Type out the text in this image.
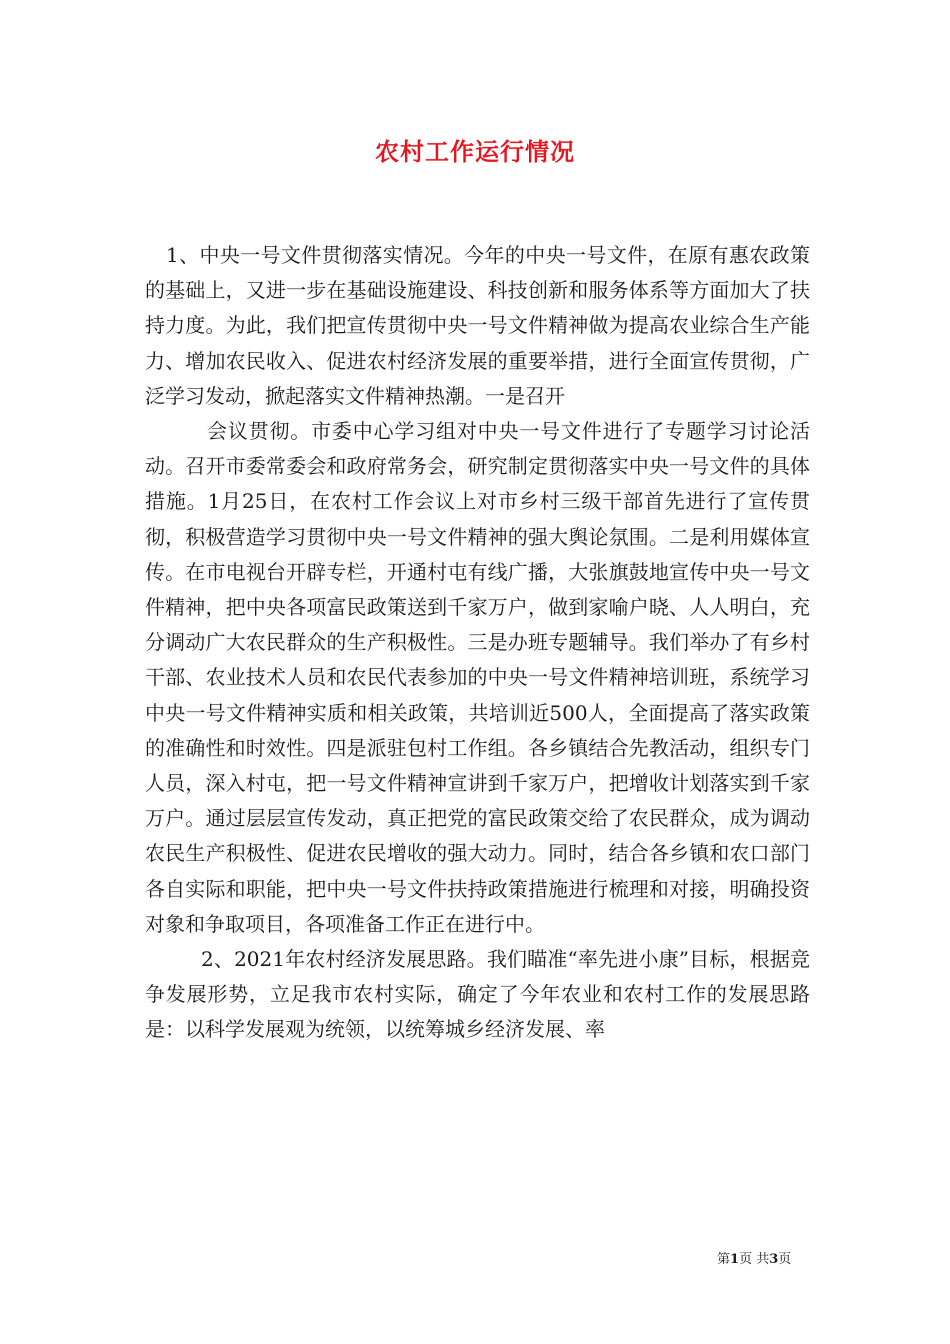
农村工作运行情况

1、中央一号文件贯彻落实情况。今年的中央一号文件，在原有惠农政策的基础上，又进一步在基础设施建设、科技创新和服务体系等方面加大了扶持力度。为此，我们把宣传贯彻中央一号文件精神做为提高农业综合生产能力、增加农民收入、促进农村经济发展的重要举措，进行全面宣传贯彻，广泛学习发动，掀起落实文件精神热潮。一是召开

会议贯彻。市委中心学习组对中央一号文件进行了专题学习讨论活动。召开市委常委会和政府常务会，研究制定贯彻落实中央一号文件的具体措施。1月25日，在农村工作会议上对市乡村三级干部首先进行了宣传贯彻，积极营造学习贯彻中央一号文件精神的强大舆论氛围。二是利用媒体宣传。在市电视台开辟专栏，开通村屯有线广播，大张旗鼓地宣传中央一号文件精神，把中央各项富民政策送到千家万户，做到家喻户晓、人人明白，充分调动广大农民群众的生产积极性。三是办班专题辅导。我们举办了有乡村干部、农业技术人员和农民代表参加的中央一号文件精神培训班，系统学习中央一号文件精神实质和相关政策，共培训近500人，全面提高了落实政策的准确性和时效性。四是派驻包村工作组。各乡镇结合先教活动，组织专门人员，深入村屯，把一号文件精神宣讲到千家万户，把增收计划落实到千家万户。通过层层宣传发动，真正把党的富民政策交给了农民群众，成为调动农民生产积极性、促进农民增收的强大动力。同时，结合各乡镇和农口部门各自实际和职能，把中央一号文件扶持政策措施进行梳理和对接，明确投资对象和争取项目，各项准备工作正在进行中。

2、2021年农村经济发展思路。我们瞄准“率先进小康”目标，根据竞争发展形势，立足我市农村实际，确定了今年农业和农村工作的发展思路是：以科学发展观为统领，以统筹城乡经济发展、率

第1页 共3页
